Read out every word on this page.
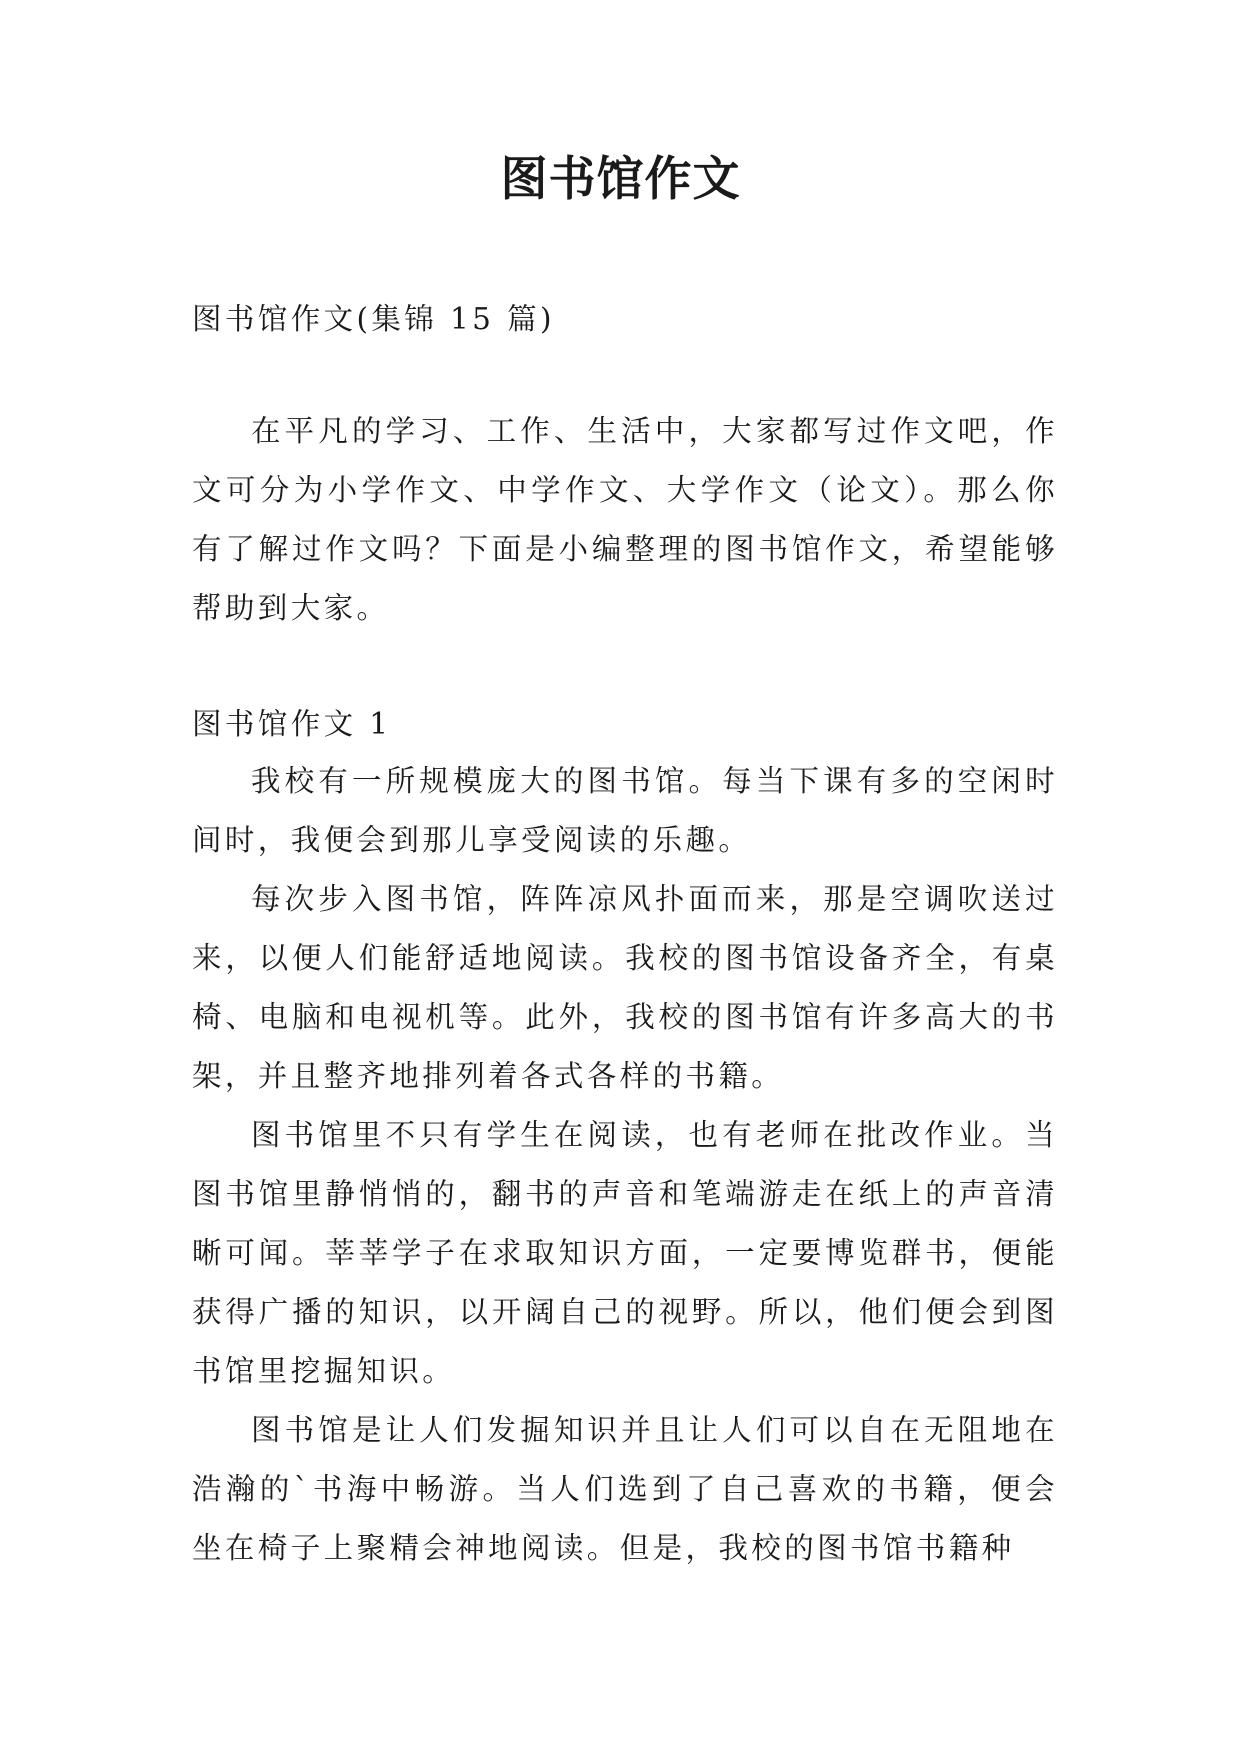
图书馆作文

图书馆作文(集锦 15 篇)

在平凡的学习、工作、生活中，大家都写过作文吧，作文可分为小学作文、中学作文、大学作文（论文）。那么你有了解过作文吗？下面是小编整理的图书馆作文，希望能够帮助到大家。

图书馆作文 1

我校有一所规模庞大的图书馆。每当下课有多的空闲时间时，我便会到那儿享受阅读的乐趣。

每次步入图书馆，阵阵凉风扑面而来，那是空调吹送过来，以便人们能舒适地阅读。我校的图书馆设备齐全，有桌椅、电脑和电视机等。此外，我校的图书馆有许多高大的书架，并且整齐地排列着各式各样的书籍。

图书馆里不只有学生在阅读，也有老师在批改作业。当图书馆里静悄悄的，翻书的声音和笔端游走在纸上的声音清晰可闻。莘莘学子在求取知识方面，一定要博览群书，便能获得广播的知识，以开阔自己的视野。所以，他们便会到图书馆里挖掘知识。

图书馆是让人们发掘知识并且让人们可以自在无阻地在浩瀚的`书海中畅游。当人们选到了自己喜欢的书籍，便会坐在椅子上聚精会神地阅读。但是，我校的图书馆书籍种
